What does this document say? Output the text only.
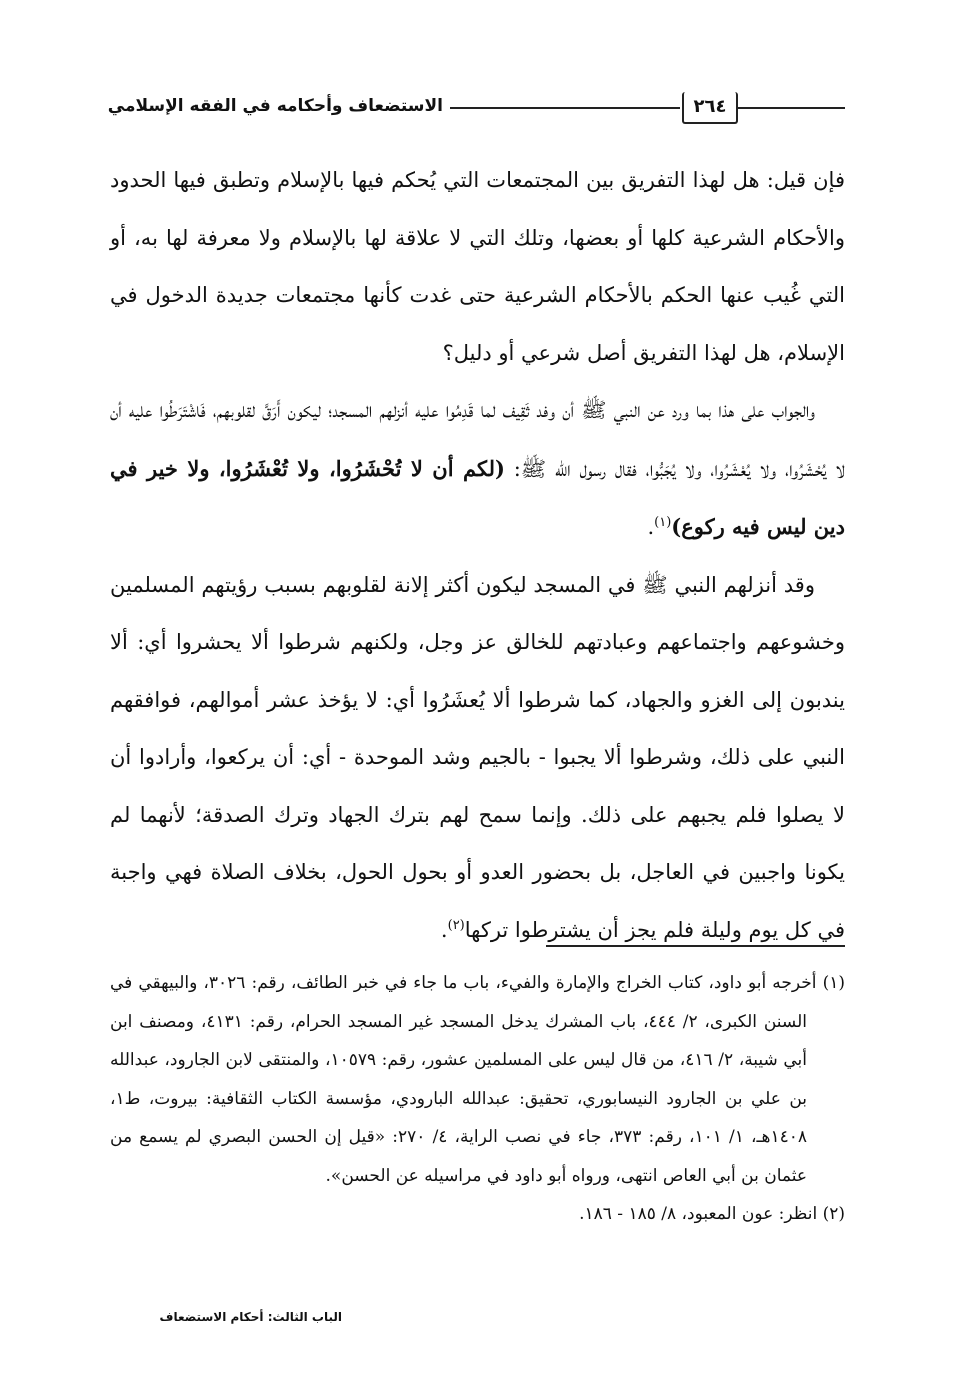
الاستضعاف وأحكامه في الفقه الإسلامي	٢٦٤

فإن قيل: هل لهذا التفريق بين المجتمعات التي يُحكم فيها بالإسلام وتطبق فيها الحدود والأحكام الشرعية كلها أو بعضها، وتلك التي لا علاقة لها بالإسلام ولا معرفة لها به، أو التي غُيب عنها الحكم بالأحكام الشرعية حتى غدت كأنها مجتمعات جديدة الدخول في الإسلام، هل لهذا التفريق أصل شرعي أو دليل؟

والجواب على هذا بما ورد عن النبي ﷺ أن وفد ثَقِيف لما قَدِمُوا عليه أنزلهم المسجد؛ ليكون أَرَقَّ لقلوبهم، فَاشْتَرَطُوا عليه أن لا يُحْشَرُوا، ولا يُعْشَرُوا، ولا يُجَبُّوا، فقال رسول الله ﷺ: (لكم أن لا تُحْشَرُوا، ولا تُعْشَرُوا، ولا خير في دين ليس فيه ركوع)$^{(١)}$.

وقد أنزلهم النبي ﷺ في المسجد ليكون أكثر إلانة لقلوبهم بسبب رؤيتهم المسلمين وخشوعهم واجتماعهم وعبادتهم للخالق عز وجل، ولكنهم شرطوا ألا يحشروا أي: ألا يندبون إلى الغزو والجهاد، كما شرطوا ألا يُعشَرُوا أي: لا يؤخذ عشر أموالهم، فوافقهم النبي على ذلك، وشرطوا ألا يجبوا - بالجيم وشد الموحدة - أي: أن يركعوا، وأرادوا أن لا يصلوا فلم يجبهم على ذلك. وإنما سمح لهم بترك الجهاد وترك الصدقة؛ لأنهما لم يكونا واجبين في العاجل، بل بحضور العدو أو بحول الحول، بخلاف الصلاة فهي واجبة في كل يوم وليلة فلم يجز أن يشترطوا تركها$^{(٢)}$.

(١) أخرجه أبو داود، كتاب الخراج والإمارة والفيء، باب ما جاء في خبر الطائف، رقم: ٣٠٢٦، والبيهقي في السنن الكبرى، ٢/ ٤٤٤، باب المشرك يدخل المسجد غير المسجد الحرام، رقم: ٤١٣١، ومصنف ابن أبي شيبة، ٢/ ٤١٦، من قال ليس على المسلمين عشور، رقم: ١٠٥٧٩، والمنتقى لابن الجارود، عبدالله بن علي بن الجارود النيسابوري، تحقيق: عبدالله البارودي، مؤسسة الكتاب الثقافية: بيروت، ط١، ١٤٠٨هـ، ١/ ١٠١، رقم: ٣٧٣، جاء في نصب الراية، ٤/ ٢٧٠: «قيل إن الحسن البصري لم يسمع من عثمان بن أبي العاص انتهى، ورواه أبو داود في مراسيله عن الحسن».

(٢) انظر: عون المعبود، ٨/ ١٨٥ - ١٨٦.

الباب الثالث: أحكام الاستضعاف
